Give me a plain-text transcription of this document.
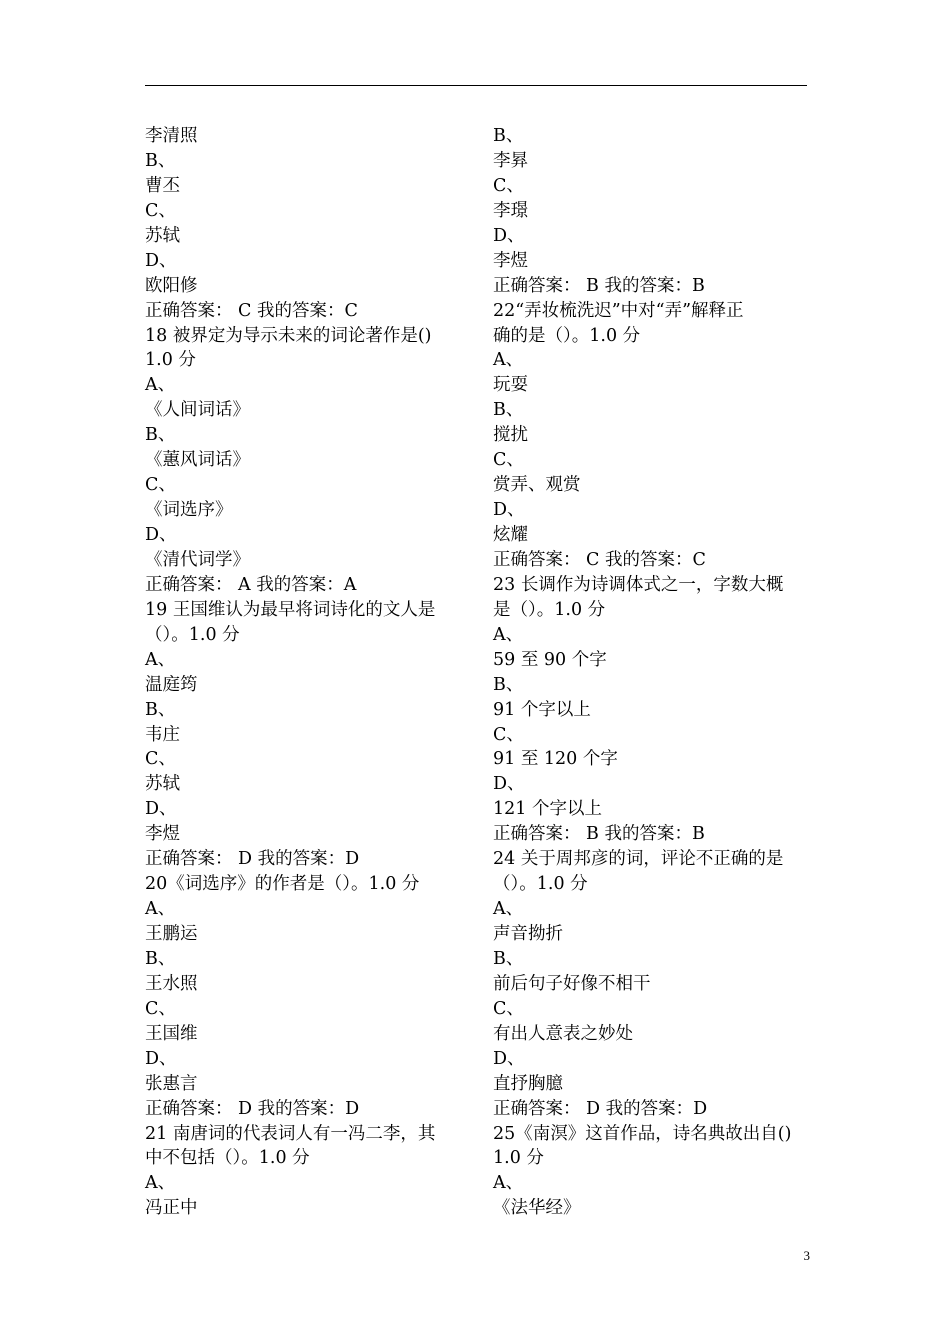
李清照
B、
曹丕
C、
苏轼
D、
欧阳修
正确答案： C 我的答案：C
18 被界定为导示未来的词论著作是()
1.0 分
A、
《人间词话》
B、
《蕙风词话》
C、
《词选序》
D、
《清代词学》
正确答案： A 我的答案：A
19 王国维认为最早将词诗化的文人是
（）。1.0 分
A、
温庭筠
B、
韦庄
C、
苏轼
D、
李煜
正确答案： D 我的答案：D
20《词选序》的作者是（）。1.0 分
A、
王鹏运
B、
王水照
C、
王国维
D、
张惠言
正确答案： D 我的答案：D
21 南唐词的代表词人有一冯二李，其
中不包括（）。1.0 分
A、
冯正中
B、
李昪
C、
李璟
D、
李煜
正确答案： B 我的答案：B
22“弄妆梳洗迟”中对“弄”解释正
确的是（）。1.0 分
A、
玩耍
B、
搅扰
C、
赏弄、观赏
D、
炫耀
正确答案： C 我的答案：C
23 长调作为诗调体式之一，字数大概
是（）。1.0 分
A、
59 至 90 个字
B、
91 个字以上
C、
91 至 120 个字
D、
121 个字以上
正确答案： B 我的答案：B
24 关于周邦彦的词，评论不正确的是
（）。1.0 分
A、
声音拗折
B、
前后句子好像不相干
C、
有出人意表之妙处
D、
直抒胸臆
正确答案： D 我的答案：D
25《南溟》这首作品，诗名典故出自()
1.0 分
A、
《法华经》
3
